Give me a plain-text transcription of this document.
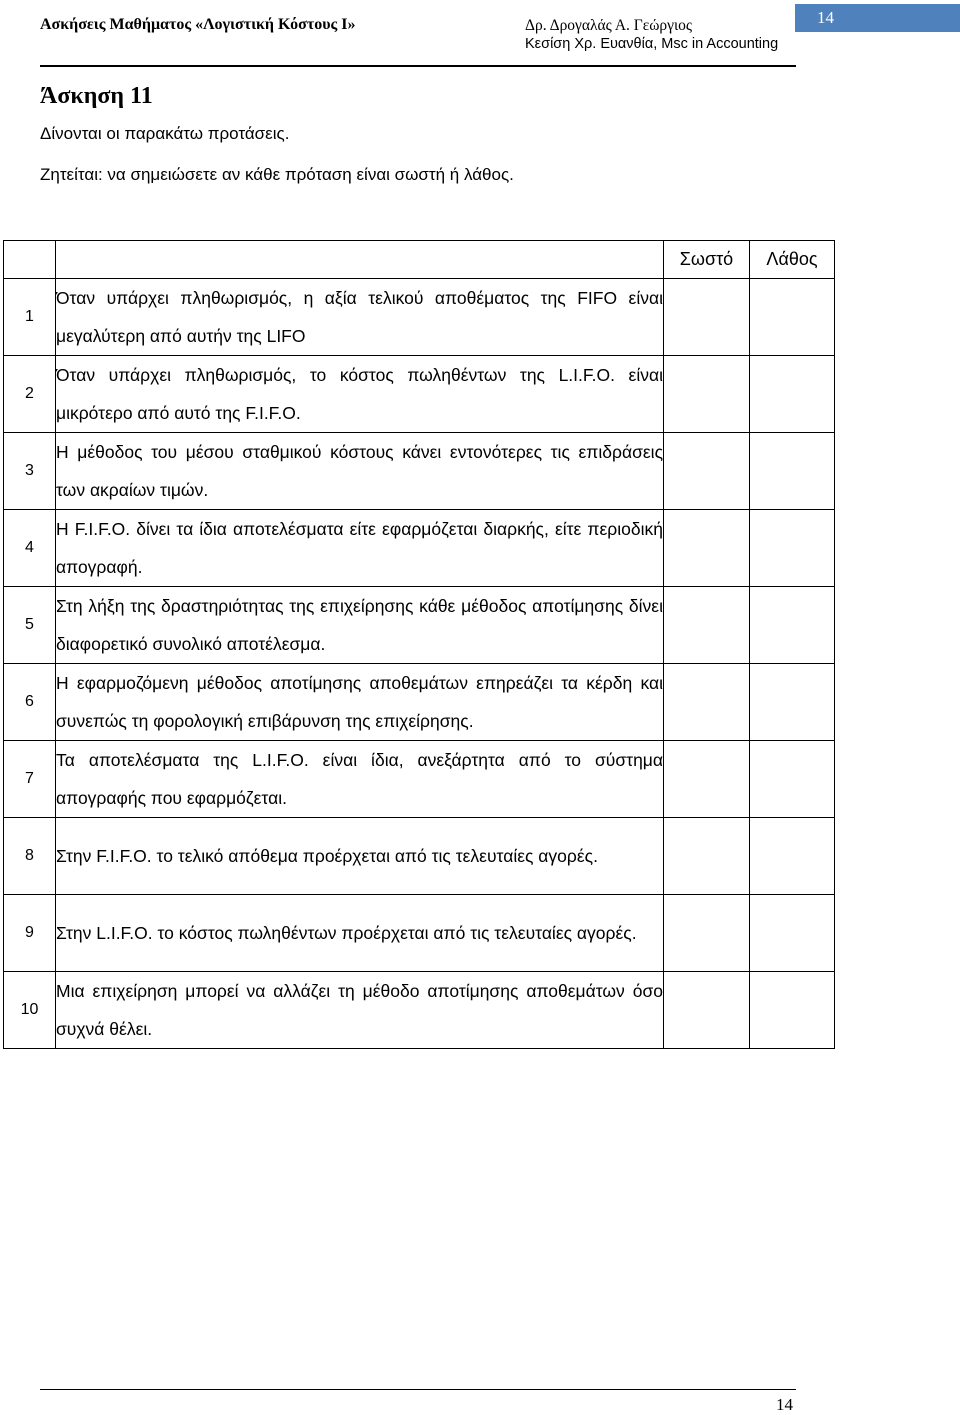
Ασκήσεις Μαθήματος «Λογιστική Κόστους Ι»	Δρ. Δρογαλάς Α. Γεώργιος
Κεσίση Χρ. Ευανθία, Msc in Accounting
14
Άσκηση 11
Δίνονται οι παρακάτω προτάσεις.
Ζητείται: να σημειώσετε αν κάθε πρόταση είναι σωστή ή λάθος.
		Σωστό	Λάθος
1	Όταν υπάρχει πληθωρισμός, η αξία τελικού αποθέματος της FIFO είναι μεγαλύτερη από αυτήν της LIFO		
2	Όταν υπάρχει πληθωρισμός, το κόστος πωληθέντων της L.I.F.O. είναι μικρότερο από αυτό της F.I.F.O.		
3	Η μέθοδος του μέσου σταθμικού κόστους κάνει εντονότερες τις επιδράσεις των ακραίων τιμών.		
4	Η F.I.F.O. δίνει τα ίδια αποτελέσματα είτε εφαρμόζεται διαρκής, είτε περιοδική απογραφή.		
5	Στη λήξη της δραστηριότητας της επιχείρησης κάθε μέθοδος αποτίμησης δίνει διαφορετικό συνολικό αποτέλεσμα.		
6	Η εφαρμοζόμενη μέθοδος αποτίμησης αποθεμάτων επηρεάζει τα κέρδη και συνεπώς τη φορολογική επιβάρυνση της επιχείρησης.		
7	Τα αποτελέσματα της L.I.F.O. είναι ίδια, ανεξάρτητα από το σύστημα απογραφής που εφαρμόζεται.		
8	Στην F.I.F.O. το τελικό απόθεμα προέρχεται από τις τελευταίες αγορές.		
9	Στην L.I.F.O. το κόστος πωληθέντων προέρχεται από τις τελευταίες αγορές.		
10	Μια επιχείρηση μπορεί να αλλάζει τη μέθοδο αποτίμησης αποθεμάτων όσο συχνά θέλει.		
14
